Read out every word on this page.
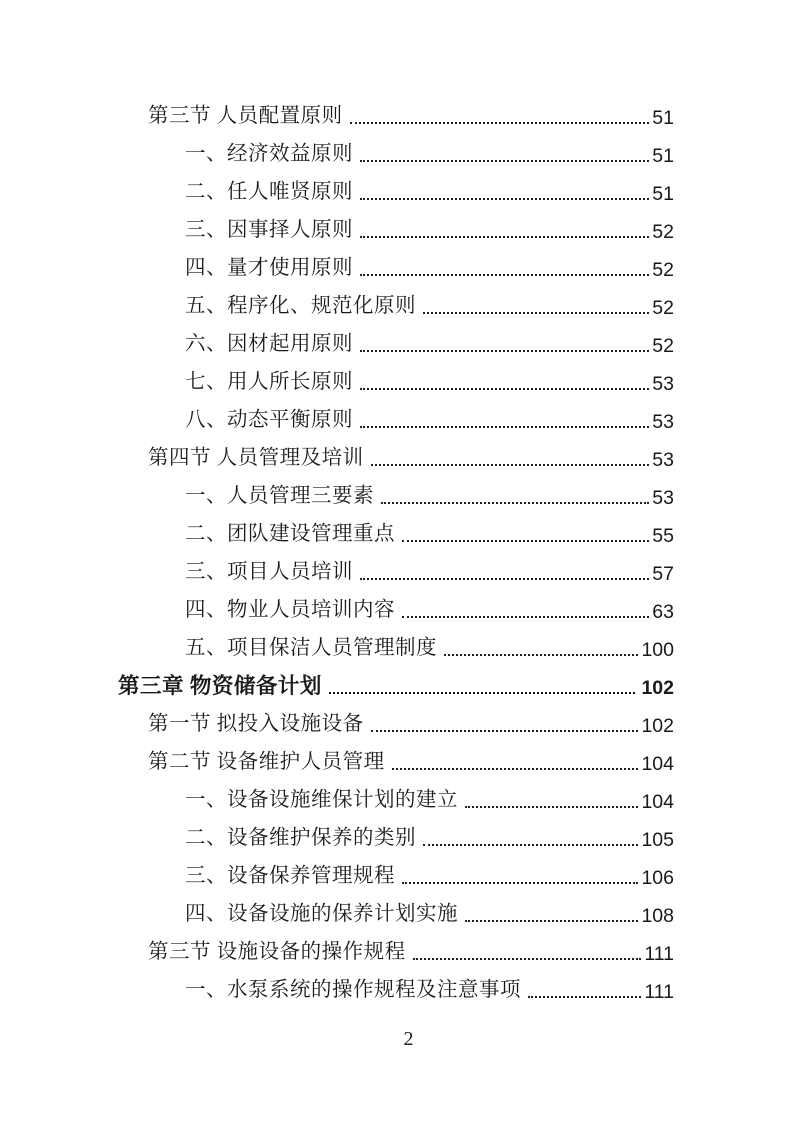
第三节 人员配置原则	51
一、经济效益原则	51
二、任人唯贤原则	51
三、因事择人原则	52
四、量才使用原则	52
五、程序化、规范化原则	52
六、因材起用原则	52
七、用人所长原则	53
八、动态平衡原则	53
第四节 人员管理及培训	53
一、人员管理三要素	53
二、团队建设管理重点	55
三、项目人员培训	57
四、物业人员培训内容	63
五、项目保洁人员管理制度	100
第三章 物资储备计划	102
第一节 拟投入设施设备	102
第二节 设备维护人员管理	104
一、设备设施维保计划的建立	104
二、设备维护保养的类别	105
三、设备保养管理规程	106
四、设备设施的保养计划实施	108
第三节 设施设备的操作规程	111
一、水泵系统的操作规程及注意事项	111
2
